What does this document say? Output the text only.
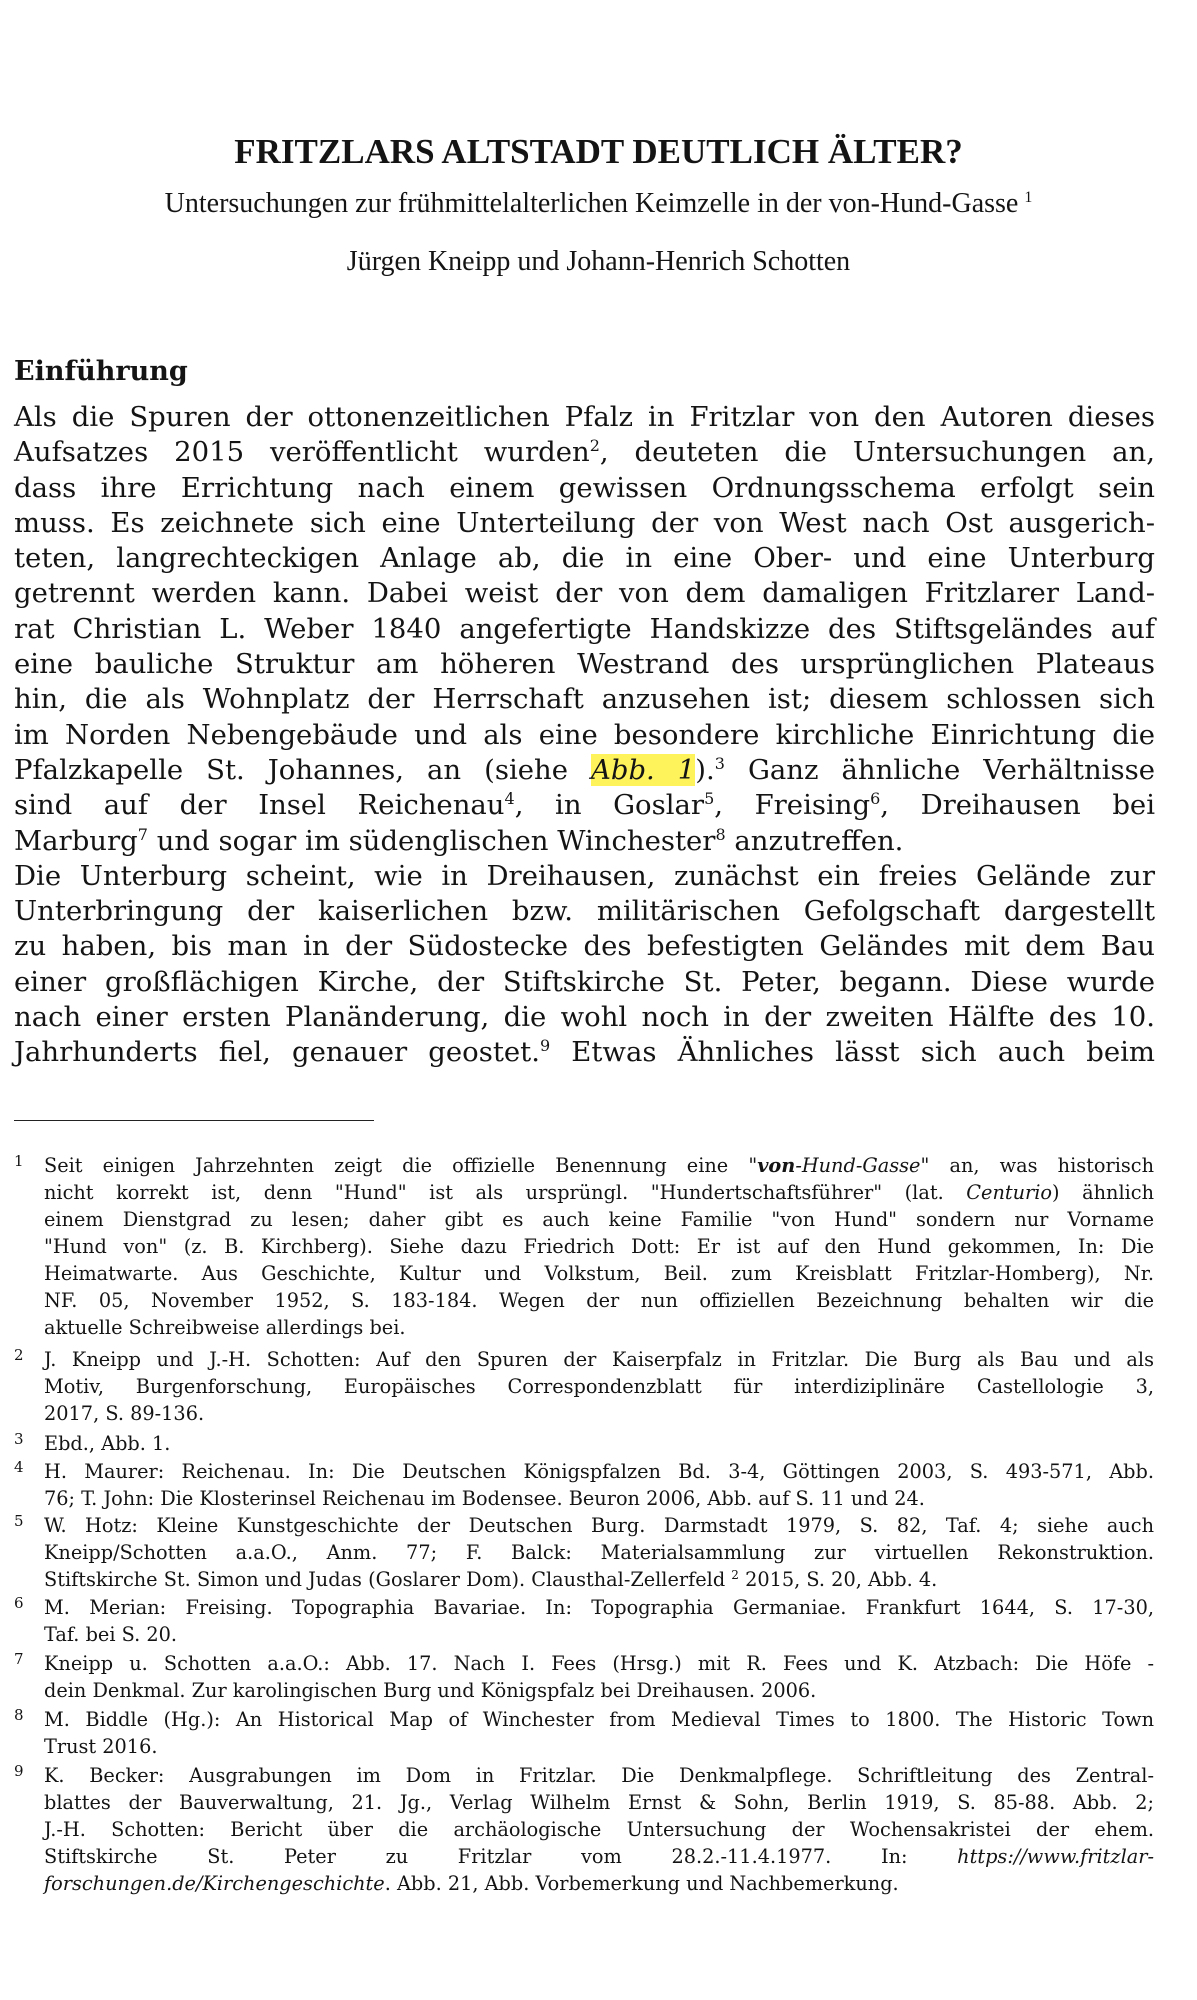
FRITZLARS ALTSTADT DEUTLICH ÄLTER?
Untersuchungen zur frühmittelalterlichen Keimzelle in der von-Hund-Gasse $^1$
Jürgen Kneipp und Johann-Henrich Schotten
Einführung
Als die Spuren der ottonenzeitlichen Pfalz in Fritzlar von den Autoren dieses
Aufsatzes 2015 veröffentlicht wurden$^2$, deuteten die Untersuchungen an,
dass ihre Errichtung nach einem gewissen Ordnungsschema erfolgt sein
muss. Es zeichnete sich eine Unterteilung der von West nach Ost ausgerich-
teten, langrechteckigen Anlage ab, die in eine Ober- und eine Unterburg
getrennt werden kann. Dabei weist der von dem damaligen Fritzlarer Land-
rat Christian L. Weber 1840 angefertigte Handskizze des Stiftsgeländes auf
eine bauliche Struktur am höheren Westrand des ursprünglichen Plateaus
hin, die als Wohnplatz der Herrschaft anzusehen ist; diesem schlossen sich
im Norden Nebengebäude und als eine besondere kirchliche Einrichtung die
Pfalzkapelle St. Johannes, an (siehe Abb. 1).$^3$ Ganz ähnliche Verhältnisse
sind auf der Insel Reichenau$^4$, in Goslar$^5$, Freising$^6$, Dreihausen bei
Marburg$^7$ und sogar im südenglischen Winchester$^8$ anzutreffen.
Die Unterburg scheint, wie in Dreihausen, zunächst ein freies Gelände zur
Unterbringung der kaiserlichen bzw. militärischen Gefolgschaft dargestellt
zu haben, bis man in der Südostecke des befestigten Geländes mit dem Bau
einer großflächigen Kirche, der Stiftskirche St. Peter, begann. Diese wurde
nach einer ersten Planänderung, die wohl noch in der zweiten Hälfte des 10.
Jahrhunderts fiel, genauer geostet.$^9$ Etwas Ähnliches lässt sich auch beim
1 Seit einigen Jahrzehnten zeigt die offizielle Benennung eine "von-Hund-Gasse" an, was historisch
nicht korrekt ist, denn "Hund" ist als ursprüngl. "Hundertschaftsführer" (lat. Centurio) ähnlich
einem Dienstgrad zu lesen; daher gibt es auch keine Familie "von Hund" sondern nur Vorname
"Hund von" (z. B. Kirchberg). Siehe dazu Friedrich Dott: Er ist auf den Hund gekommen, In: Die
Heimatwarte. Aus Geschichte, Kultur und Volkstum, Beil. zum Kreisblatt Fritzlar-Homberg), Nr.
NF. 05, November 1952, S. 183-184. Wegen der nun offiziellen Bezeichnung behalten wir die
aktuelle Schreibweise allerdings bei.
2 J. Kneipp und J.-H. Schotten: Auf den Spuren der Kaiserpfalz in Fritzlar. Die Burg als Bau und als
Motiv, Burgenforschung, Europäisches Correspondenzblatt für interdiziplinäre Castellologie 3,
2017, S. 89-136.
3 Ebd., Abb. 1.
4 H. Maurer: Reichenau. In: Die Deutschen Königspfalzen Bd. 3-4, Göttingen 2003, S. 493-571, Abb.
76; T. John: Die Klosterinsel Reichenau im Bodensee. Beuron 2006, Abb. auf S. 11 und 24.
5 W. Hotz: Kleine Kunstgeschichte der Deutschen Burg. Darmstadt 1979, S. 82, Taf. 4; siehe auch
Kneipp/Schotten a.a.O., Anm. 77; F. Balck: Materialsammlung zur virtuellen Rekonstruktion.
Stiftskirche St. Simon und Judas (Goslarer Dom). Clausthal-Zellerfeld $^2$ 2015, S. 20, Abb. 4.
6 M. Merian: Freising. Topographia Bavariae. In: Topographia Germaniae. Frankfurt 1644, S. 17-30,
Taf. bei S. 20.
7 Kneipp u. Schotten a.a.O.: Abb. 17. Nach I. Fees (Hrsg.) mit R. Fees und K. Atzbach: Die Höfe -
dein Denkmal. Zur karolingischen Burg und Königspfalz bei Dreihausen. 2006.
8 M. Biddle (Hg.): An Historical Map of Winchester from Medieval Times to 1800. The Historic Town
Trust 2016.
9 K. Becker: Ausgrabungen im Dom in Fritzlar. Die Denkmalpflege. Schriftleitung des Zentral-
blattes der Bauverwaltung, 21. Jg., Verlag Wilhelm Ernst & Sohn, Berlin 1919, S. 85-88. Abb. 2;
J.-H. Schotten: Bericht über die archäologische Untersuchung der Wochensakristei der ehem.
Stiftskirche St. Peter zu Fritzlar vom 28.2.-11.4.1977. In: https://www.fritzlar-
forschungen.de/Kirchengeschichte. Abb. 21, Abb. Vorbemerkung und Nachbemerkung.
